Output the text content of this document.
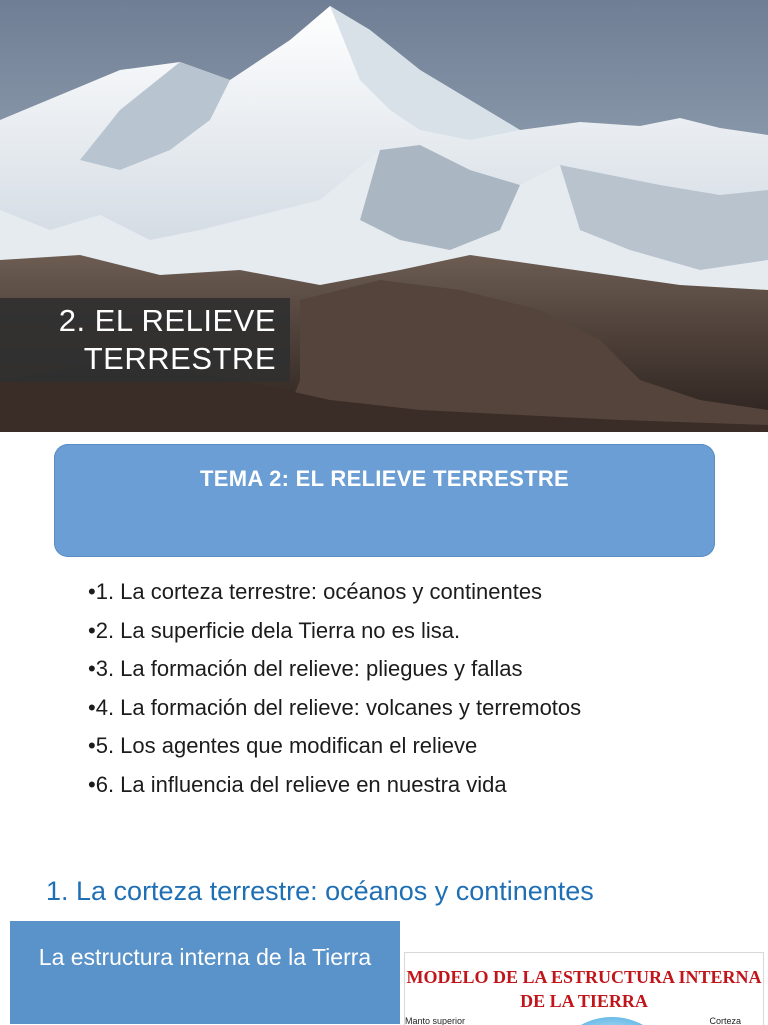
2. EL RELIEVE
TERRESTRE
TEMA 2: EL RELIEVE TERRESTRE
•1. La corteza terrestre: océanos y continentes
•2. La superficie dela Tierra no es lisa.
•3. La formación del relieve: pliegues y fallas
•4. La formación del relieve: volcanes y terremotos
•5. Los agentes que modifican el relieve
•6. La influencia del relieve en nuestra vida
1. La corteza terrestre: océanos y continentes

La estructura interna de la Tierra

MODELO DE LA ESTRUCTURA INTERNA DE LA TIERRA

Manto superior	Corteza
